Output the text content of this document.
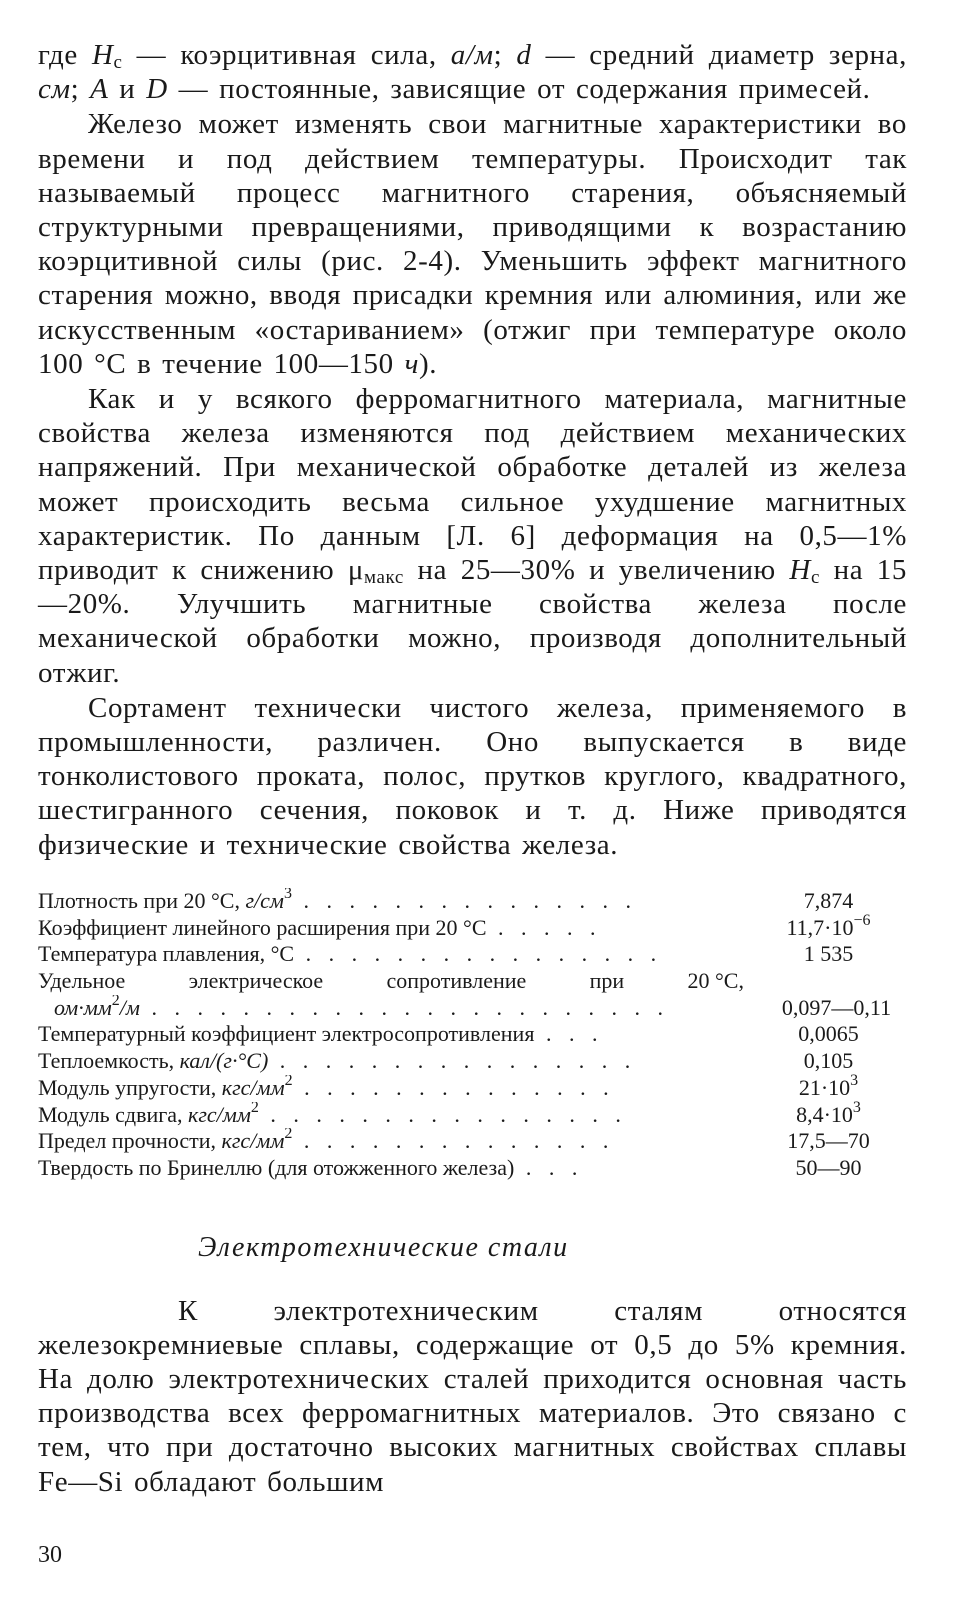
где $H_c$ — коэрцитивная сила, а/м; d — средний диаметр зерна, см; A и D — постоянные, зависящие от содержания примесей.

Железо может изменять свои магнитные характеристики во времени и под действием температуры. Происходит так называемый процесс магнитного старения, объясняемый структурными превращениями, приводящими к возрастанию коэрцитивной силы (рис. 2-4). Уменьшить эффект магнитного старения можно, вводя присадки кремния или алюминия, или же искусственным «остариванием» (отжиг при температуре около 100 °С в течение 100—150 ч).

Как и у всякого ферромагнитного материала, магнитные свойства железа изменяются под действием механических напряжений. При механической обработке деталей из железа может происходить весьма сильное ухудшение магнитных характеристик. По данным [Л. 6] деформация на 0,5—1% приводит к снижению $\mu_{макс}$ на 25—30% и увеличению $H_c$ на 15—20%. Улучшить магнитные свойства железа после механической обработки можно, производя дополнительный отжиг.

Сортамент технически чистого железа, применяемого в промышленности, различен. Оно выпускается в виде тонколистового проката, полос, прутков круглого, квадратного, шестигранного сечения, поковок и т. д. Ниже приводятся физические и технические свойства железа.

Плотность при 20 °С, $г/см^3$ . . . . . . . . . . . . . . .	7,874
Коэффициент линейного расширения при 20 °С . . . . .	$11,7\cdot 10^{-6}$
Температура плавления, °С . . . . . . . . . . . . . . . .	1 535
Удельное	электрическое	сопротивление	при	20 °С,
$ом\cdot мм^2/м$ . . . . . . . . . . . . . . . . . . . . . . .	0,097—0,11
Температурный коэффициент электросопротивления . . .	0,0065
Теплоемкость, кал/(г·°С) . . . . . . . . . . . . . . . .	0,105
Модуль упругости, кгс/$мм^2$ . . . . . . . . . . . . . .	$21\cdot 10^3$
Модуль сдвига, кгс/$мм^2$ . . . . . . . . . . . . . . . .	$8,4\cdot 10^3$
Предел прочности, кгс/$мм^2$ . . . . . . . . . . . . . .	17,5—70
Твердость по Бринеллю (для отожженного железа) . . .	50—90
Электротехнические стали

К электротехническим сталям относятся железокремниевые сплавы, содержащие от 0,5 до 5% кремния. На долю электротехнических сталей приходится основная часть производства всех ферромагнитных материалов. Это связано с тем, что при достаточно высоких магнитных свойствах сплавы Fe—Si обладают большим

30
